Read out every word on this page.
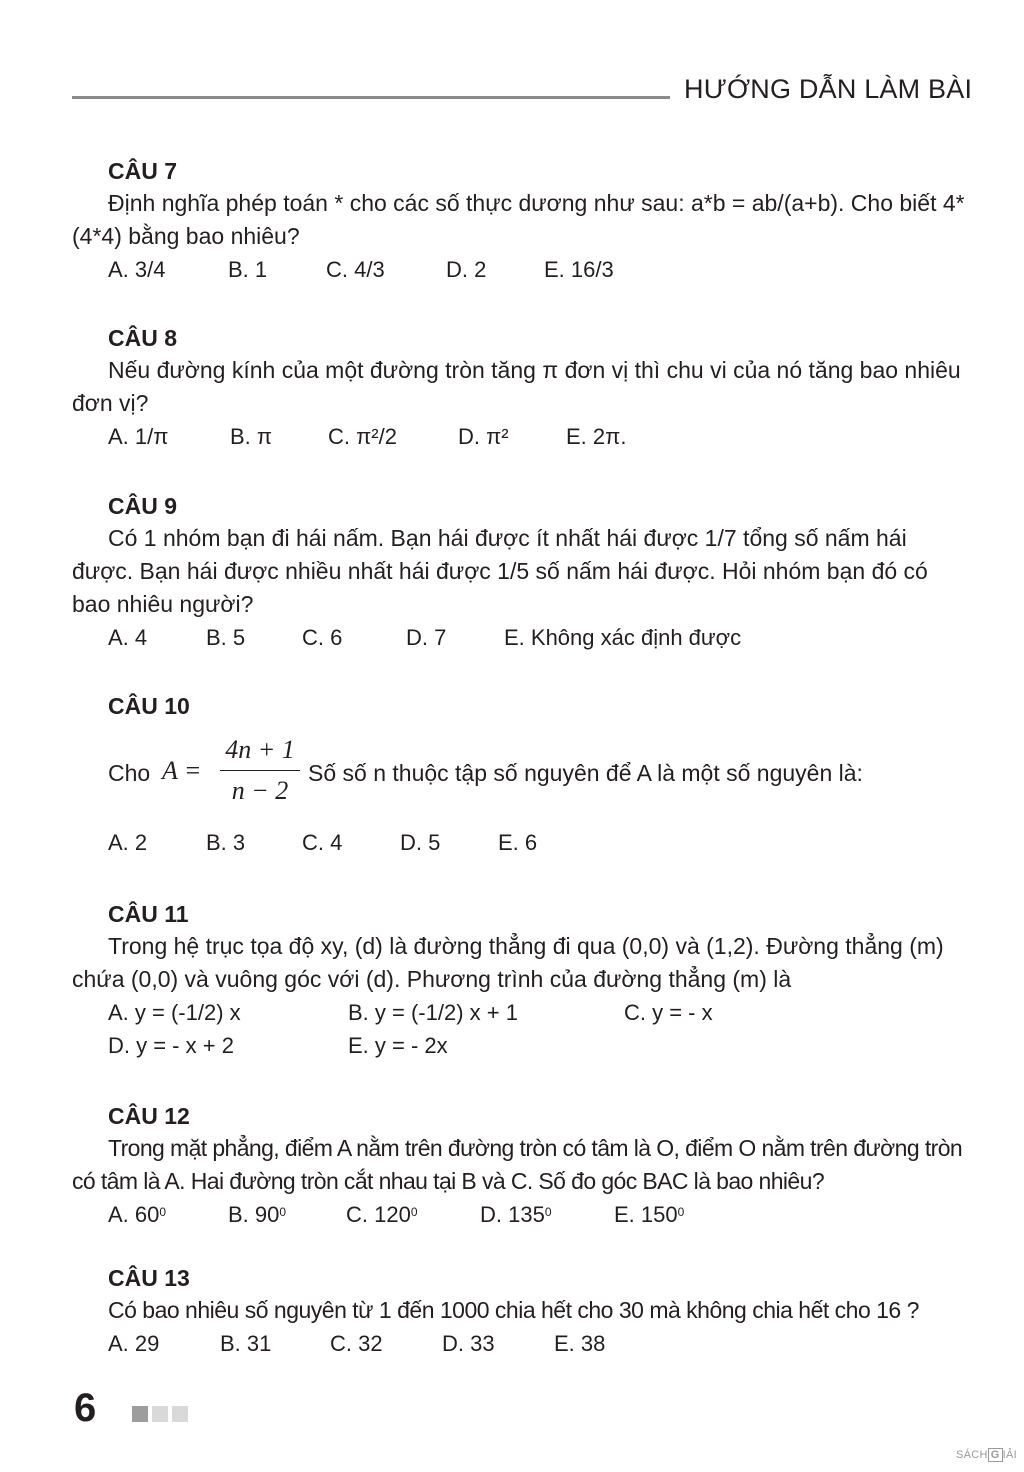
HƯỚNG DẪN LÀM BÀI
CÂU 7

Định nghĩa phép toán * cho các số thực dương như sau: a*b = ab/(a+b). Cho biết 4*(4*4) bằng bao nhiêu?

A. 3/4	B. 1	C. 4/3	D. 2	E. 16/3
CÂU 8

Nếu đường kính của một đường tròn tăng π đơn vị thì chu vi của nó tăng bao nhiêu đơn vị?

A. 1/π	B. π	C. π²/2	D. π²	E. 2π.
CÂU 9

Có 1 nhóm bạn đi hái nấm. Bạn hái được ít nhất hái được 1/7 tổng số nấm hái được. Bạn hái được nhiều nhất hái được 1/5 số nấm hái được. Hỏi nhóm bạn đó có bao nhiêu người?

A. 4	B. 5	C. 6	D. 7	E. Không xác định được
CÂU 10
Cho A =
4n + 1
n − 2
Số số n thuộc tập số nguyên để A là một số nguyên là:
A. 2	B. 3	C. 4	D. 5	E. 6
CÂU 11

Trong hệ trục tọa độ xy, (d) là đường thẳng đi qua (0,0) và (1,2). Đường thẳng (m) chứa (0,0) và vuông góc với (d). Phương trình của đường thẳng (m) là

A. y = (-1/2) x	B. y = (-1/2) x + 1	C. y = - x
D. y = - x + 2	E. y = - 2x
CÂU 12

Trong mặt phẳng, điểm A nằm trên đường tròn có tâm là O, điểm O nằm trên đường tròn có tâm là A. Hai đường tròn cắt nhau tại B và C. Số đo góc BAC là bao nhiêu?

A. $60^0$	B. $90^0$	C. $120^0$	D. $135^0$	E. $150^0$
CÂU 13

Có bao nhiêu số nguyên từ 1 đến 1000 chia hết cho 30 mà không chia hết cho 16 ?

A. 29	B. 31	C. 32	D. 33	E. 38
6
SÁCH G IẢI
